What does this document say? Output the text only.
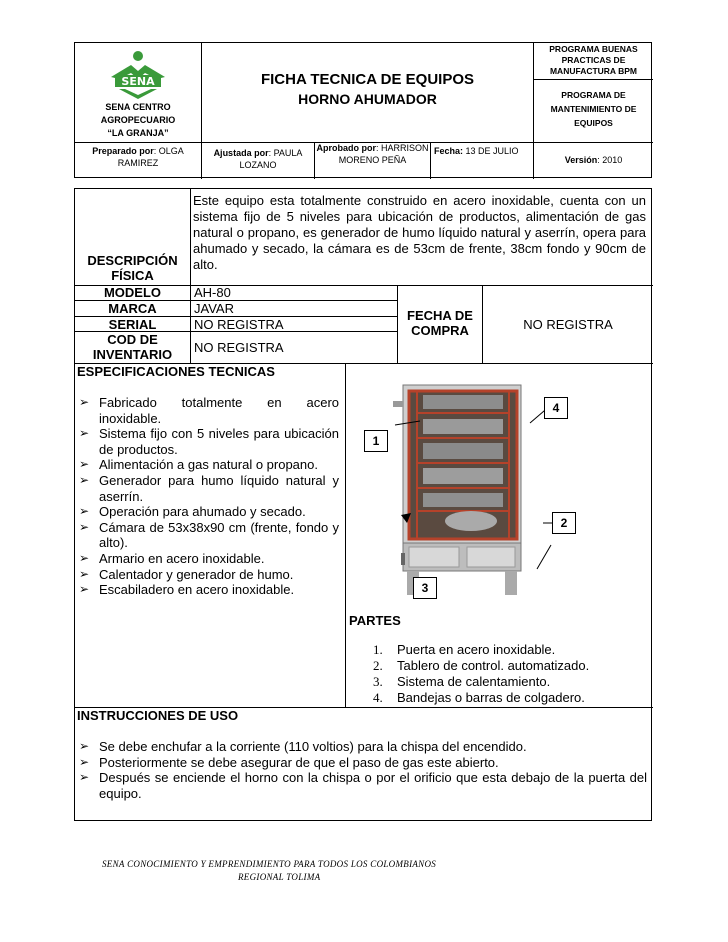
SENA
SENA CENTRO AGROPECUARIO
“LA GRANJA”
FICHA TECNICA DE EQUIPOS
HORNO AHUMADOR
PROGRAMA BUENAS PRACTICAS DE MANUFACTURA BPM
PROGRAMA DE MANTENIMIENTO DE EQUIPOS
Preparado por: OLGA RAMIREZ
Ajustada por: PAULA LOZANO
Aprobado por: HARRISON MORENO PEÑA
Fecha: 13 DE JULIO
Versión: 2010
DESCRIPCIÓN FÍSICA
Este equipo esta totalmente construido en acero inoxidable, cuenta con un sistema fijo de 5 niveles para ubicación de productos, alimentación de gas natural o propano, es generador de humo líquido natural y aserrín, opera para ahumado y secado, la cámara es de 53cm de frente, 38cm fondo y 90cm de alto.
MODELO	AH-80
MARCA	JAVAR
SERIAL	NO REGISTRA
COD DE INVENTARIO	NO REGISTRA
FECHA DE COMPRA	NO REGISTRA
ESPECIFICACIONES TECNICAS
➢ Fabricado totalmente en acero inoxidable.
➢ Sistema fijo con 5 niveles para ubicación de productos.
➢ Alimentación a gas natural o propano.
➢ Generador para humo líquido natural y aserrín.
➢ Operación para ahumado y secado.
➢ Cámara de 53x38x90 cm (frente, fondo y alto).
➢ Armario en acero inoxidable.
➢ Calentador y generador de humo.
➢ Escabiladero en acero inoxidable.
1
2
3
4
PARTES
1. Puerta en acero inoxidable.
2. Tablero de control. automatizado.
3. Sistema de calentamiento.
4. Bandejas o barras de colgadero.
INSTRUCCIONES DE USO
➢ Se debe enchufar a la corriente (110 voltios) para la chispa del encendido.
➢ Posteriormente se debe asegurar de que el paso de gas este abierto.
➢ Después se enciende el horno con la chispa o por el orificio que esta debajo de la puerta del equipo.
SENA CONOCIMIENTO Y EMPRENDIMIENTO PARA TODOS LOS COLOMBIANOS
REGIONAL TOLIMA
